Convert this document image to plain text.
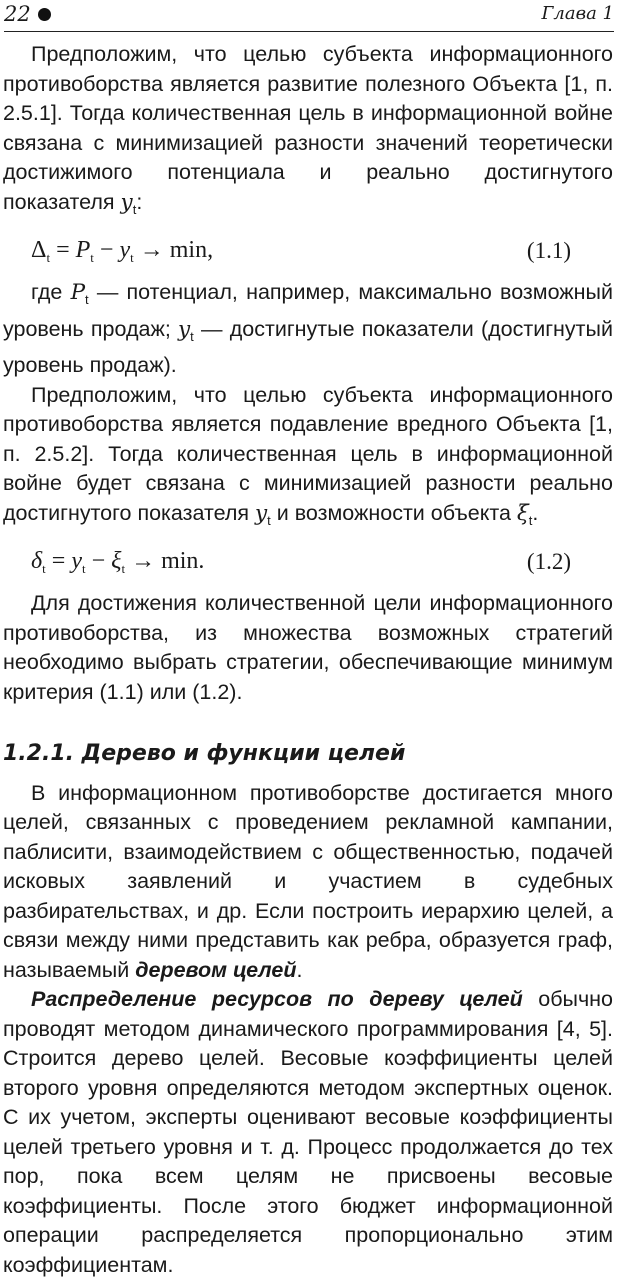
22	Глава 1

Предположим, что целью субъекта информационного противоборства является развитие полезного Объекта [1, п. 2.5.1]. Тогда количественная цель в информационной войне связана с минимизацией разности значений теоретически достижимого потенциала и реально достигнутого показателя $y_t$:

$\Delta_t = P_t - y_t \to \min$,	(1.1)

где $P_t$ — потенциал, например, максимально возможный уровень продаж; $y_t$ — достигнутые показатели (достигнутый уровень продаж).

Предположим, что целью субъекта информационного противоборства является подавление вредного Объекта [1, п. 2.5.2]. Тогда количественная цель в информационной войне будет связана с минимизацией разности реально достигнутого показателя $y_t$ и возможности объекта $\xi_t$.

$\delta_t = y_t - \xi_t \to \min$.	(1.2)

Для достижения количественной цели информационного противоборства, из множества возможных стратегий необходимо выбрать стратегии, обеспечивающие минимум критерия (1.1) или (1.2).

1.2.1. Дерево и функции целей

В информационном противоборстве достигается много целей, связанных с проведением рекламной кампании, паблисити, взаимодействием с общественностью, подачей исковых заявлений и участием в судебных разбирательствах, и др. Если построить иерархию целей, а связи между ними представить как ребра, образуется граф, называемый деревом целей.

Распределение ресурсов по дереву целей обычно проводят методом динамического программирования [4, 5]. Строится дерево целей. Весовые коэффициенты целей второго уровня определяются методом экспертных оценок. С их учетом, эксперты оценивают весовые коэффициенты целей третьего уровня и т. д. Процесс продолжается до тех пор, пока всем целям не присвоены весовые коэффициенты. После этого бюджет информационной операции распределяется пропорционально этим коэффициентам.
